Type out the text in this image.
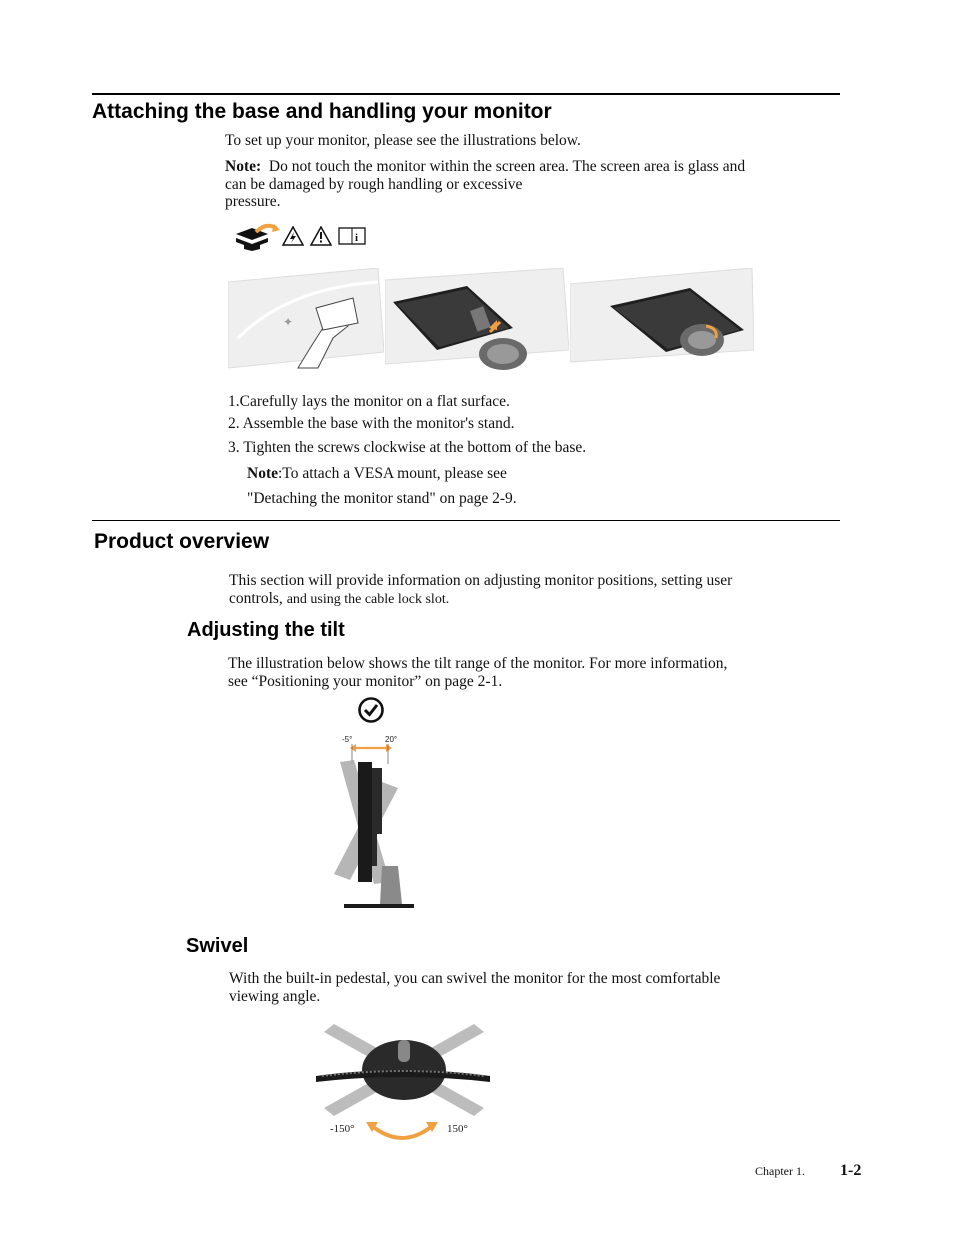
Attaching the base and handling your monitor
To set up your monitor, please see the illustrations below.
Note: Do not touch the monitor within the screen area. The screen area is glass and
can be damaged by rough handling or excessive
pressure.
i
✦
1.Carefully lays the monitor on a flat surface.
2. Assemble the base with the monitor's stand.
3. Tighten the screws clockwise at the bottom of the base.
Note:To attach a VESA mount, please see
"Detaching the monitor stand" on page 2-9.
Product overview
This section will provide information on adjusting monitor positions, setting user
controls, and using the cable lock slot.
Adjusting the tilt
The illustration below shows the tilt range of the monitor. For more information,
see “Positioning your monitor” on page 2-1.
-5°	20°
Swivel
With the built-in pedestal, you can swivel the monitor for the most comfortable
viewing angle.
-150°	150°
Chapter 1. 1-2
